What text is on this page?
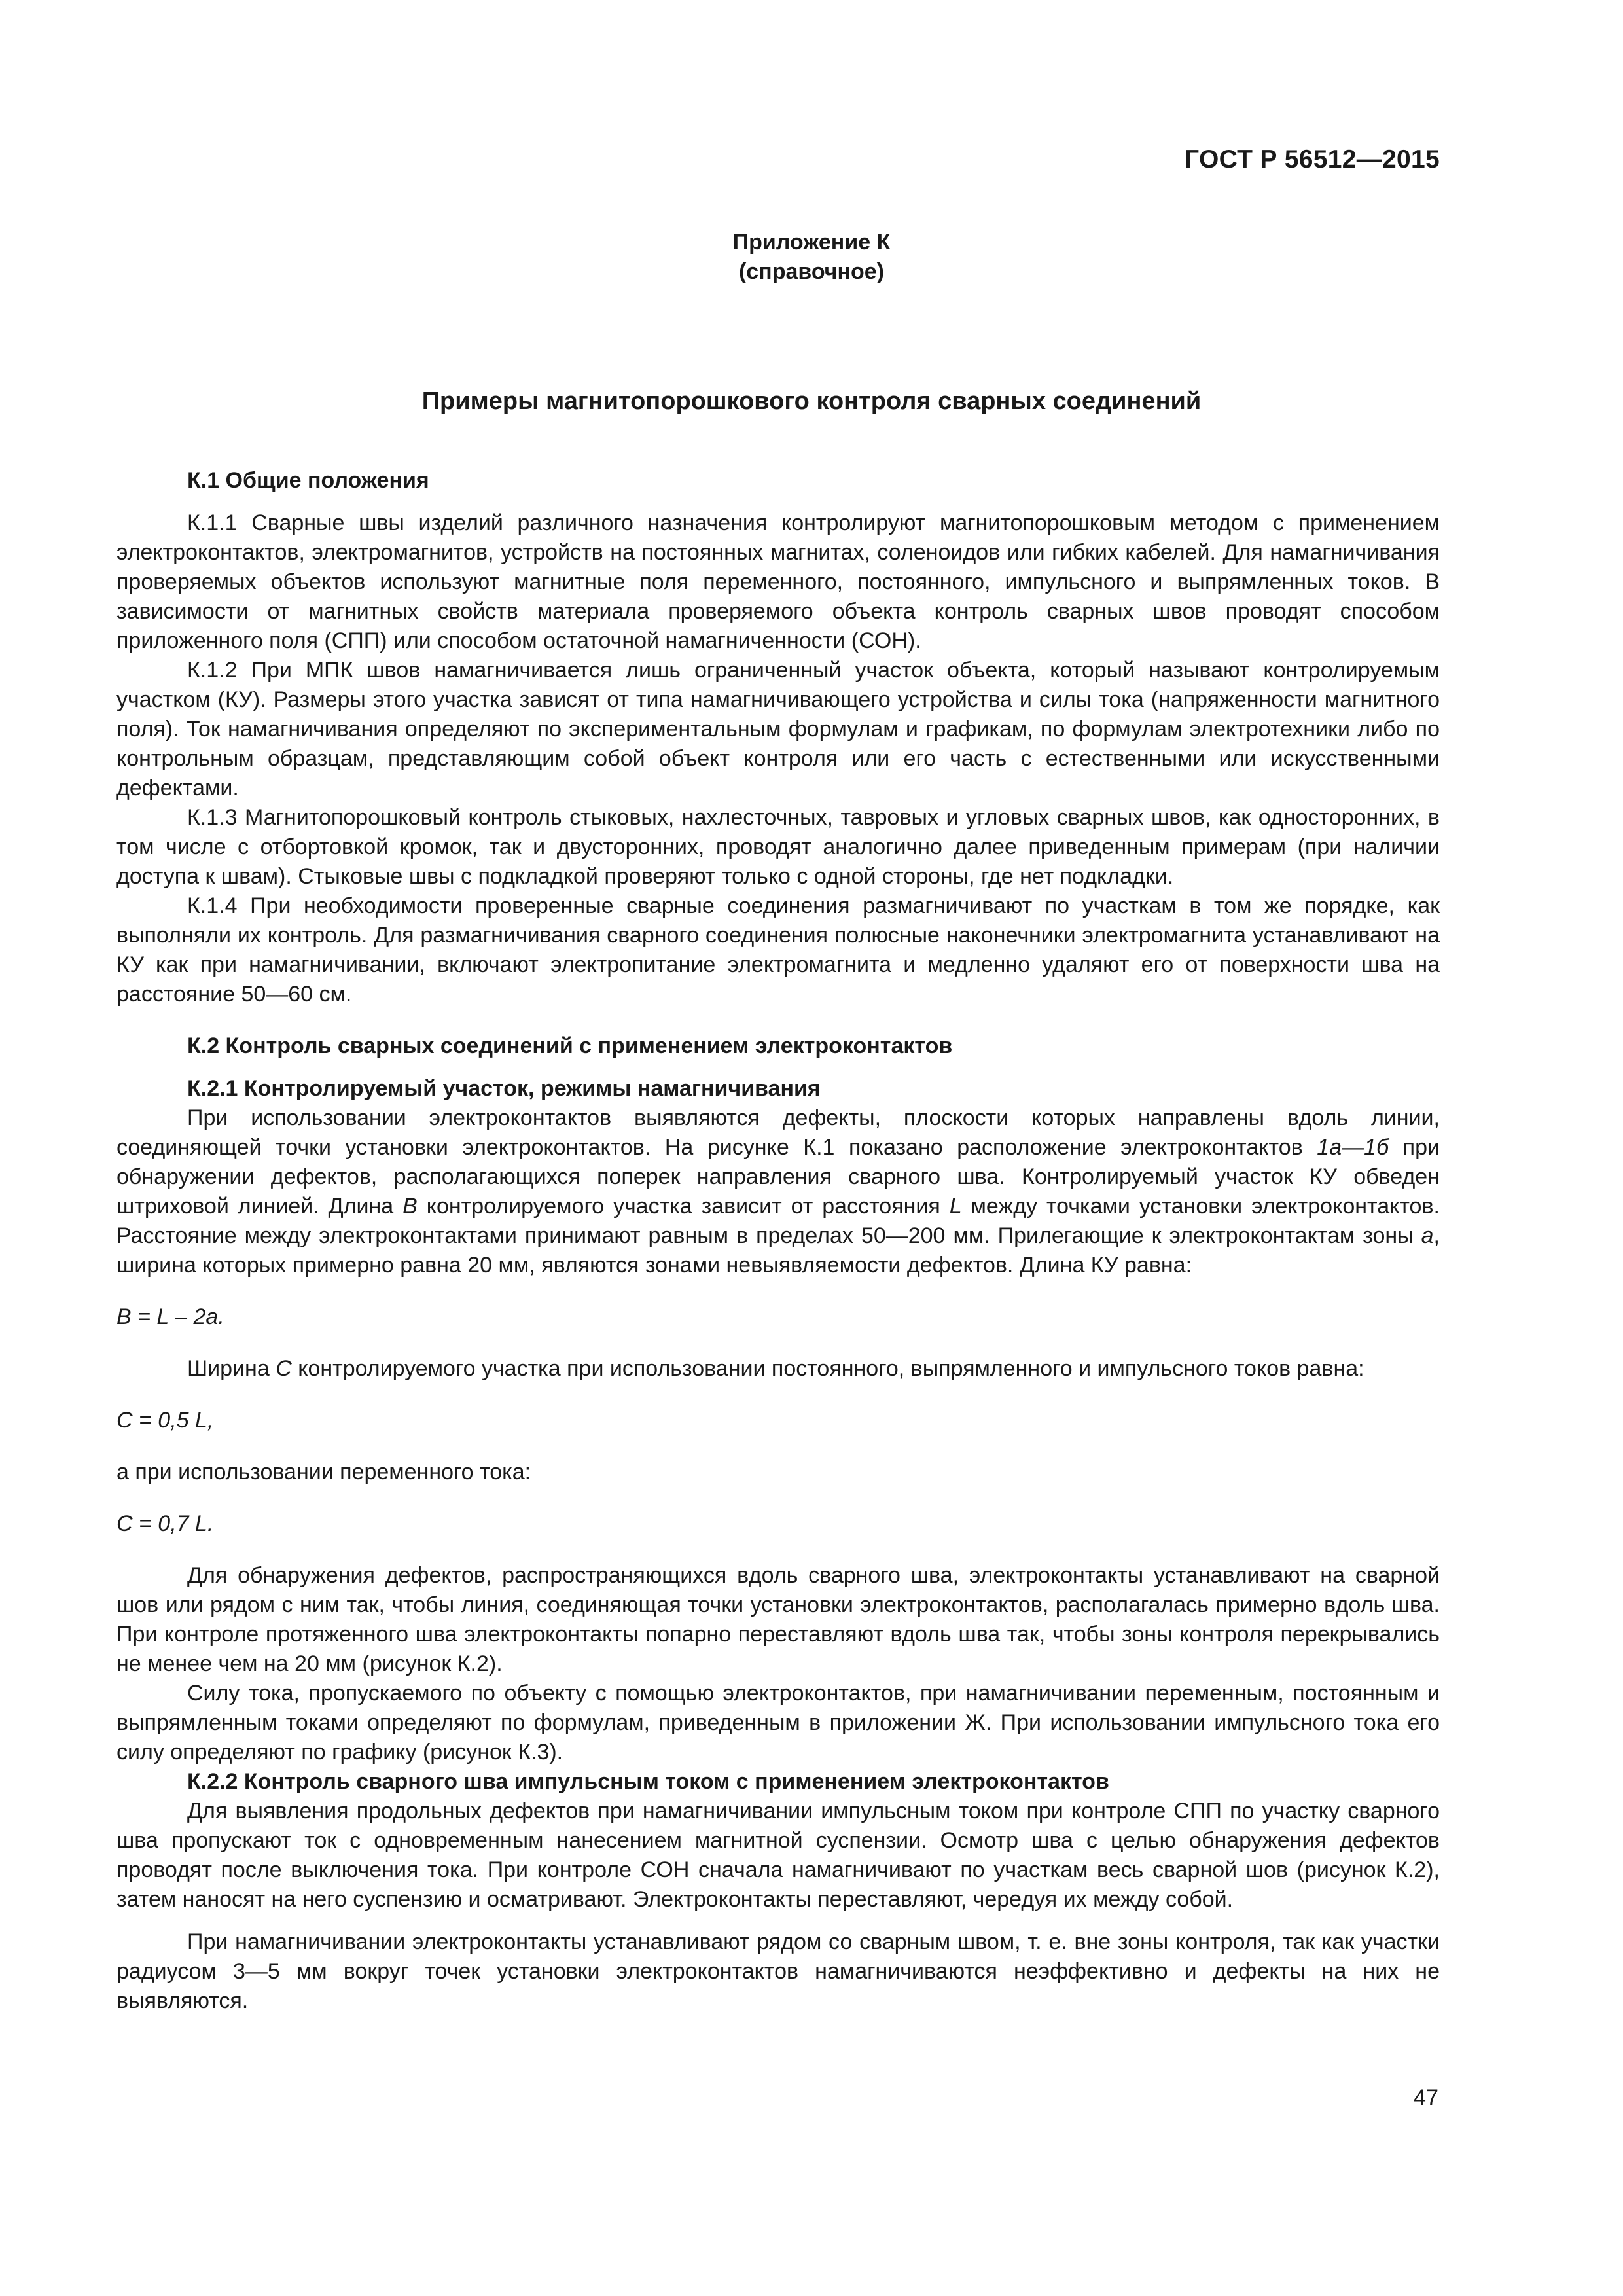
ГОСТ Р 56512—2015
Приложение К
(справочное)
Примеры магнитопорошкового контроля сварных соединений
К.1 Общие положения

К.1.1 Сварные швы изделий различного назначения контролируют магнитопорошковым методом с применением электроконтактов, электромагнитов, устройств на постоянных магнитах, соленоидов или гибких кабелей. Для намагничивания проверяемых объектов используют магнитные поля переменного, постоянного, импульсного и выпрямленных токов. В зависимости от магнитных свойств материала проверяемого объекта контроль сварных швов проводят способом приложенного поля (СПП) или способом остаточной намагниченности (СОН).

К.1.2 При МПК швов намагничивается лишь ограниченный участок объекта, который называют контролируемым участком (КУ). Размеры этого участка зависят от типа намагничивающего устройства и силы тока (напряженности магнитного поля). Ток намагничивания определяют по экспериментальным формулам и графикам, по формулам электротехники либо по контрольным образцам, представляющим собой объект контроля или его часть с естественными или искусственными дефектами.

К.1.3 Магнитопорошковый контроль стыковых, нахлесточных, тавровых и угловых сварных швов, как односторонних, в том числе с отбортовкой кромок, так и двусторонних, проводят аналогично далее приведенным примерам (при наличии доступа к швам). Стыковые швы с подкладкой проверяют только с одной стороны, где нет подкладки.

К.1.4 При необходимости проверенные сварные соединения размагничивают по участкам в том же порядке, как выполняли их контроль. Для размагничивания сварного соединения полюсные наконечники электромагнита устанавливают на КУ как при намагничивании, включают электропитание электромагнита и медленно удаляют его от поверхности шва на расстояние 50—60 см.

К.2 Контроль сварных соединений с применением электроконтактов
К.2.1 Контролируемый участок, режимы намагничивания

При использовании электроконтактов выявляются дефекты, плоскости которых направлены вдоль линии, соединяющей точки установки электроконтактов. На рисунке К.1 показано расположение электроконтактов 1а—1б при обнаружении дефектов, располагающихся поперек направления сварного шва. Контролируемый участок КУ обведен штриховой линией. Длина В контролируемого участка зависит от расстояния L между точками установки электроконтактов. Расстояние между электроконтактами принимают равным в пределах 50—200 мм. Прилегающие к электроконтактам зоны а, ширина которых примерно равна 20 мм, являются зонами невыявляемости дефектов. Длина КУ равна:

В = L – 2а.

Ширина С контролируемого участка при использовании постоянного, выпрямленного и импульсного токов равна:

С = 0,5 L,

а при использовании переменного тока:

С = 0,7 L.

Для обнаружения дефектов, распространяющихся вдоль сварного шва, электроконтакты устанавливают на сварной шов или рядом с ним так, чтобы линия, соединяющая точки установки электроконтактов, располагалась примерно вдоль шва. При контроле протяженного шва электроконтакты попарно переставляют вдоль шва так, чтобы зоны контроля перекрывались не менее чем на 20 мм (рисунок К.2).

Силу тока, пропускаемого по объекту с помощью электроконтактов, при намагничивании переменным, постоянным и выпрямленным токами определяют по формулам, приведенным в приложении Ж. При использовании импульсного тока его силу определяют по графику (рисунок К.3).

К.2.2 Контроль сварного шва импульсным током с применением электроконтактов

Для выявления продольных дефектов при намагничивании импульсным током при контроле СПП по участку сварного шва пропускают ток с одновременным нанесением магнитной суспензии. Осмотр шва с целью обнаружения дефектов проводят после выключения тока. При контроле СОН сначала намагничивают по участкам весь сварной шов (рисунок К.2), затем наносят на него суспензию и осматривают. Электроконтакты переставляют, чередуя их между собой.

При намагничивании электроконтакты устанавливают рядом со сварным швом, т. е. вне зоны контроля, так как участки радиусом 3—5 мм вокруг точек установки электроконтактов намагничиваются неэффективно и дефекты на них не выявляются.

47
